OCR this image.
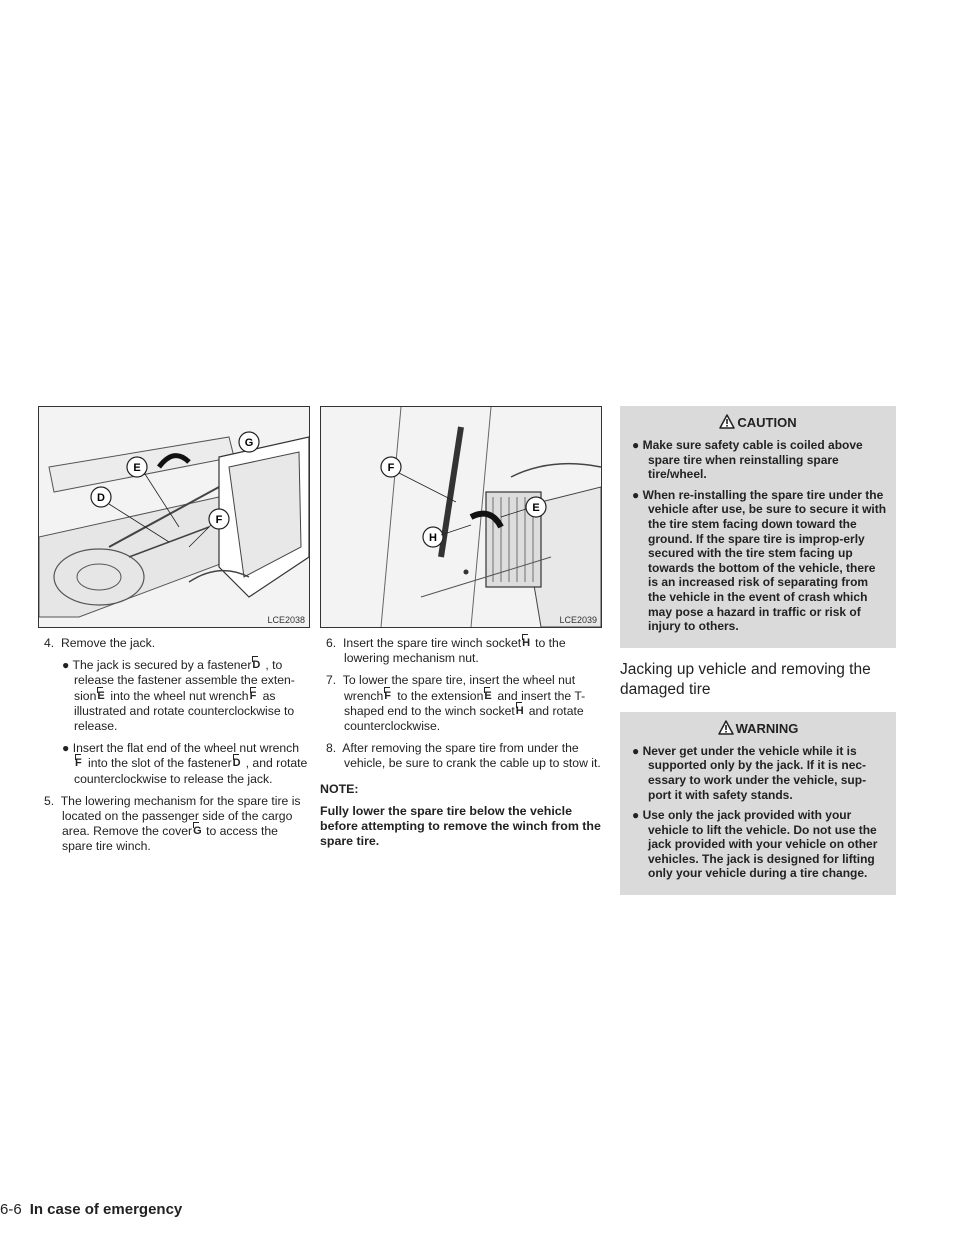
G
E
D
F
LCE2038

4. Remove the jack.

● The jack is secured by a fastenerD , to release the fastener assemble the exten-sionE into the wheel nut wrenchF as illustrated and rotate counterclockwise to release.

● Insert the flat end of the wheel nut wrenchF into the slot of the fastenerD , and rotate counterclockwise to release the jack.

5. The lowering mechanism for the spare tire is located on the passenger side of the cargo area. Remove the coverG to access the spare tire winch.

F
E
H
LCE2039

6. Insert the spare tire winch socketH to the lowering mechanism nut.

7. To lower the spare tire, insert the wheel nut wrenchF to the extensionE and insert the T-shaped end to the winch socketH and rotate counterclockwise.

8. After removing the spare tire from under the vehicle, be sure to crank the cable up to stow it.

NOTE:
Fully lower the spare tire below the vehicle before attempting to remove the winch from the spare tire.
CAUTION
● Make sure safety cable is coiled above spare tire when reinstalling spare tire/wheel.
● When re-installing the spare tire under the vehicle after use, be sure to secure it with the tire stem facing down toward the ground. If the spare tire is improp-erly secured with the tire stem facing up towards the bottom of the vehicle, there is an increased risk of separating from the vehicle in the event of crash which may pose a hazard in traffic or risk of injury to others.
Jacking up vehicle and removing the damaged tire
WARNING
● Never get under the vehicle while it is supported only by the jack. If it is nec-essary to work under the vehicle, sup-port it with safety stands.
● Use only the jack provided with your vehicle to lift the vehicle. Do not use the jack provided with your vehicle on other vehicles. The jack is designed for lifting only your vehicle during a tire change.
6-6 In case of emergency
